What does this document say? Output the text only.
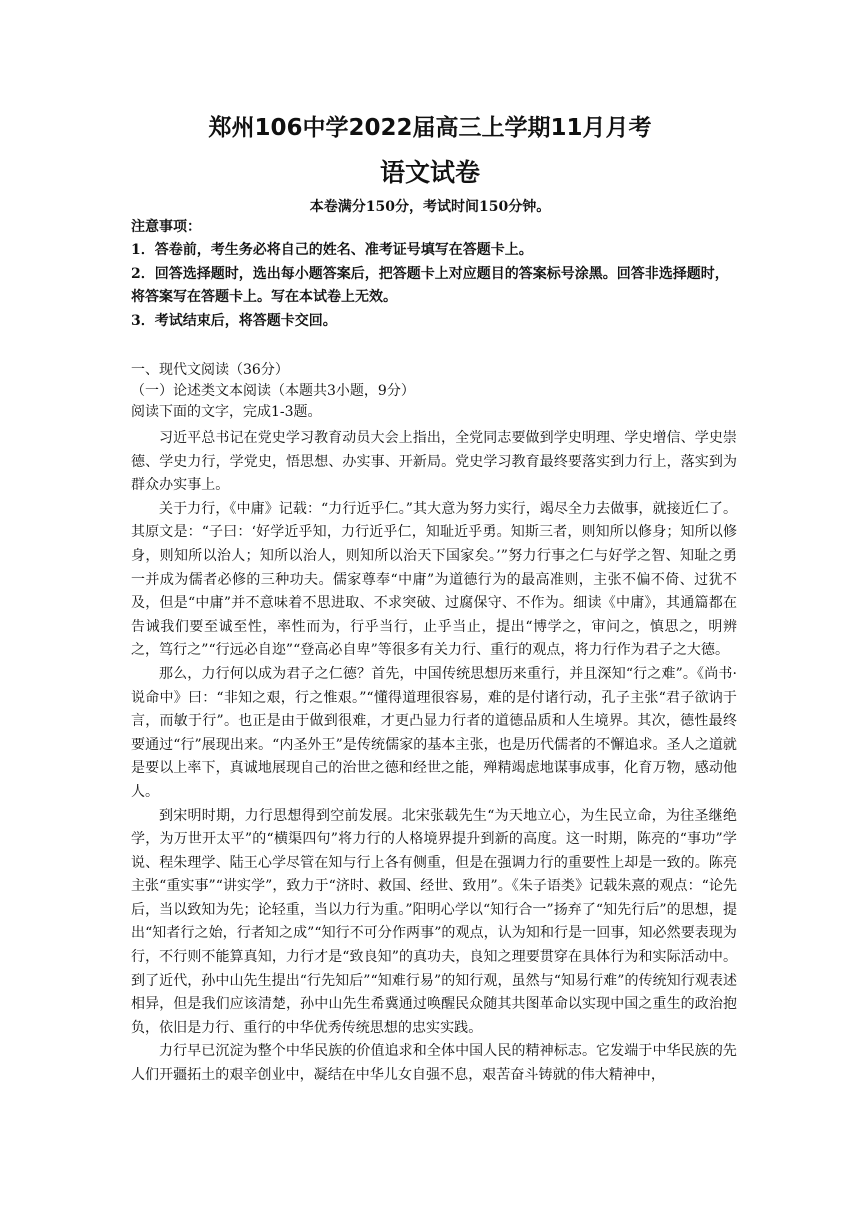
郑州106中学2022届高三上学期11月月考
语文试卷
本卷满分150分，考试时间150分钟。

注意事项：

1．答卷前，考生务必将自己的姓名、准考证号填写在答题卡上。

2．回答选择题时，选出每小题答案后，把答题卡上对应题目的答案标号涂黑。回答非选择题时，将答案写在答题卡上。写在本试卷上无效。

3．考试结束后，将答题卡交回。

一、现代文阅读（36分）

（一）论述类文本阅读（本题共3小题，9分）

阅读下面的文字，完成1-3题。

习近平总书记在党史学习教育动员大会上指出，全党同志要做到学史明理、学史增信、学史崇德、学史力行，学党史，悟思想、办实事、开新局。党史学习教育最终要落实到力行上，落实到为群众办实事上。

关于力行，《中庸》记载：“力行近乎仁。”其大意为努力实行，竭尽全力去做事，就接近仁了。其原文是：“子曰：‘好学近乎知，力行近乎仁，知耻近乎勇。知斯三者，则知所以修身；知所以修身，则知所以治人；知所以治人，则知所以治天下国家矣。’”努力行事之仁与好学之智、知耻之勇一并成为儒者必修的三种功夫。儒家尊奉“中庸”为道德行为的最高准则，主张不偏不倚、过犹不及，但是“中庸”并不意味着不思进取、不求突破、过腐保守、不作为。细读《中庸》，其通篇都在告诫我们要至诚至性，率性而为，行乎当行，止乎当止，提出“博学之，审问之，慎思之，明辨之，笃行之”“行远必自迩”“登高必自卑”等很多有关力行、重行的观点，将力行作为君子之大德。

那么，力行何以成为君子之仁德？首先，中国传统思想历来重行，并且深知“行之难”。《尚书·说命中》曰：“非知之艰，行之惟艰。”“懂得道理很容易，难的是付诸行动，孔子主张“君子欲讷于言，而敏于行”。也正是由于做到很难，才更凸显力行者的道德品质和人生境界。其次，德性最终要通过“行”展现出来。“内圣外王”是传统儒家的基本主张，也是历代儒者的不懈追求。圣人之道就是要以上率下，真诚地展现自己的治世之德和经世之能，殚精竭虑地谋事成事，化育万物，感动他人。

到宋明时期，力行思想得到空前发展。北宋张载先生“为天地立心，为生民立命，为往圣继绝学，为万世开太平”的“横渠四句”将力行的人格境界提升到新的高度。这一时期，陈亮的“事功”学说、程朱理学、陆王心学尽管在知与行上各有侧重，但是在强调力行的重要性上却是一致的。陈亮主张“重实事”“讲实学”，致力于“济时、救国、经世、致用”。《朱子语类》记载朱熹的观点：“论先后，当以致知为先；论轻重，当以力行为重。”阳明心学以“知行合一”扬弃了“知先行后”的思想，提出“知者行之始，行者知之成”“知行不可分作两事”的观点，认为知和行是一回事，知必然要表现为行，不行则不能算真知，力行才是“致良知”的真功夫，良知之理要贯穿在具体行为和实际活动中。到了近代，孙中山先生提出“行先知后”“知难行易”的知行观，虽然与“知易行难”的传统知行观表述相异，但是我们应该清楚，孙中山先生希冀通过唤醒民众随其共图革命以实现中国之重生的政治抱负，依旧是力行、重行的中华优秀传统思想的忠实实践。

力行早已沉淀为整个中华民族的价值追求和全体中国人民的精神标志。它发端于中华民族的先人们开疆拓土的艰辛创业中，凝结在中华儿女自强不息，艰苦奋斗铸就的伟大精神中，
